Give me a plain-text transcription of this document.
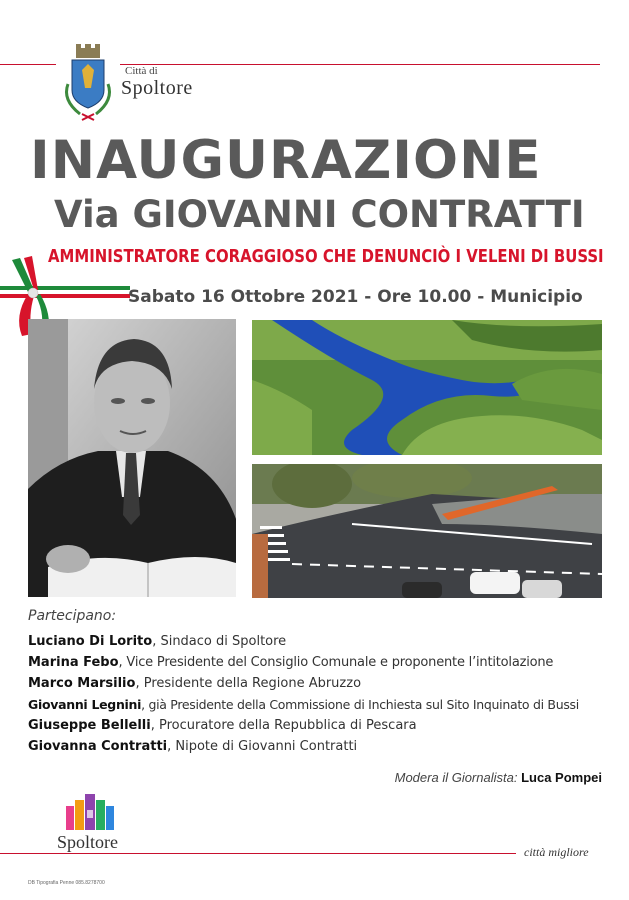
Città di
Spoltore
INAUGURAZIONE
Via GIOVANNI CONTRATTI
AMMINISTRATORE CORAGGIOSO CHE DENUNCIÒ I VELENI DI BUSSI
Sabato 16 Ottobre 2021 - Ore 10.00 - Municipio
Partecipano:
Luciano Di Lorito, Sindaco di Spoltore
Marina Febo, Vice Presidente del Consiglio Comunale e proponente l’intitolazione
Marco Marsilio, Presidente della Regione Abruzzo
Giovanni Legnini, già Presidente della Commissione di Inchiesta sul Sito Inquinato di Bussi
Giuseppe Bellelli, Procuratore della Repubblica di Pescara
Giovanna Contratti, Nipote di Giovanni Contratti
Modera il Giornalista: Luca Pompei
Spoltore	città migliore
DB Tipografia Penne 085.8278700
